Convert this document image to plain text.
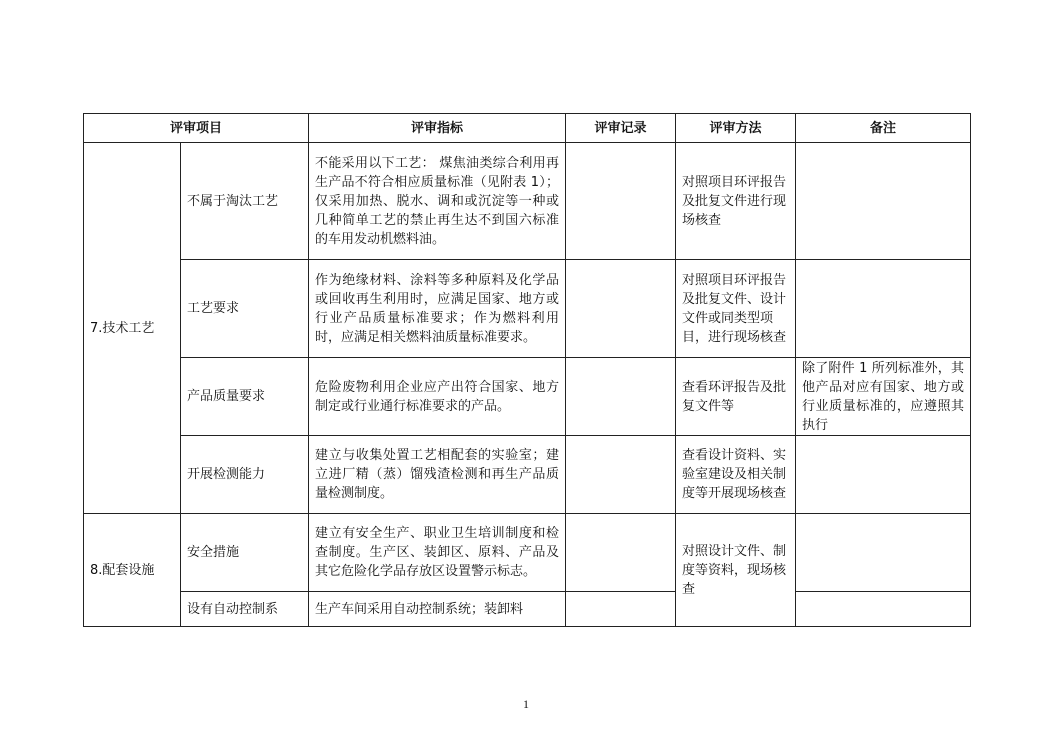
评审项目		评审指标	评审记录	评审方法	备注
7.技术工艺	不属于淘汰工艺	不能采用以下工艺： 煤焦油类综合利用再生产品不符合相应质量标准（见附表 1）；仅采用加热、脱水、调和或沉淀等一种或几种简单工艺的禁止再生达不到国六标准的车用发动机燃料油。		对照项目环评报告及批复文件进行现场核查	
	工艺要求	作为绝缘材料、涂料等多种原料及化学品或回收再生利用时，应满足国家、地方或行业产品质量标准要求；作为燃料利用时，应满足相关燃料油质量标准要求。		对照项目环评报告及批复文件、设计文件或同类型项目，进行现场核查	
	产品质量要求	危险废物利用企业应产出符合国家、地方制定或行业通行标准要求的产品。		查看环评报告及批复文件等	除了附件 1 所列标准外，其他产品对应有国家、地方或行业质量标准的，应遵照其执行
	开展检测能力	建立与收集处置工艺相配套的实验室；建立进厂精（蒸）馏残渣检测和再生产品质量检测制度。		查看设计资料、实验室建设及相关制度等开展现场核查	
8.配套设施	安全措施	建立有安全生产、职业卫生培训制度和检查制度。生产区、装卸区、原料、产品及其它危险化学品存放区设置警示标志。		对照设计文件、制度等资料，现场核查	
	设有自动控制系	生产车间采用自动控制系统；装卸料			
1
